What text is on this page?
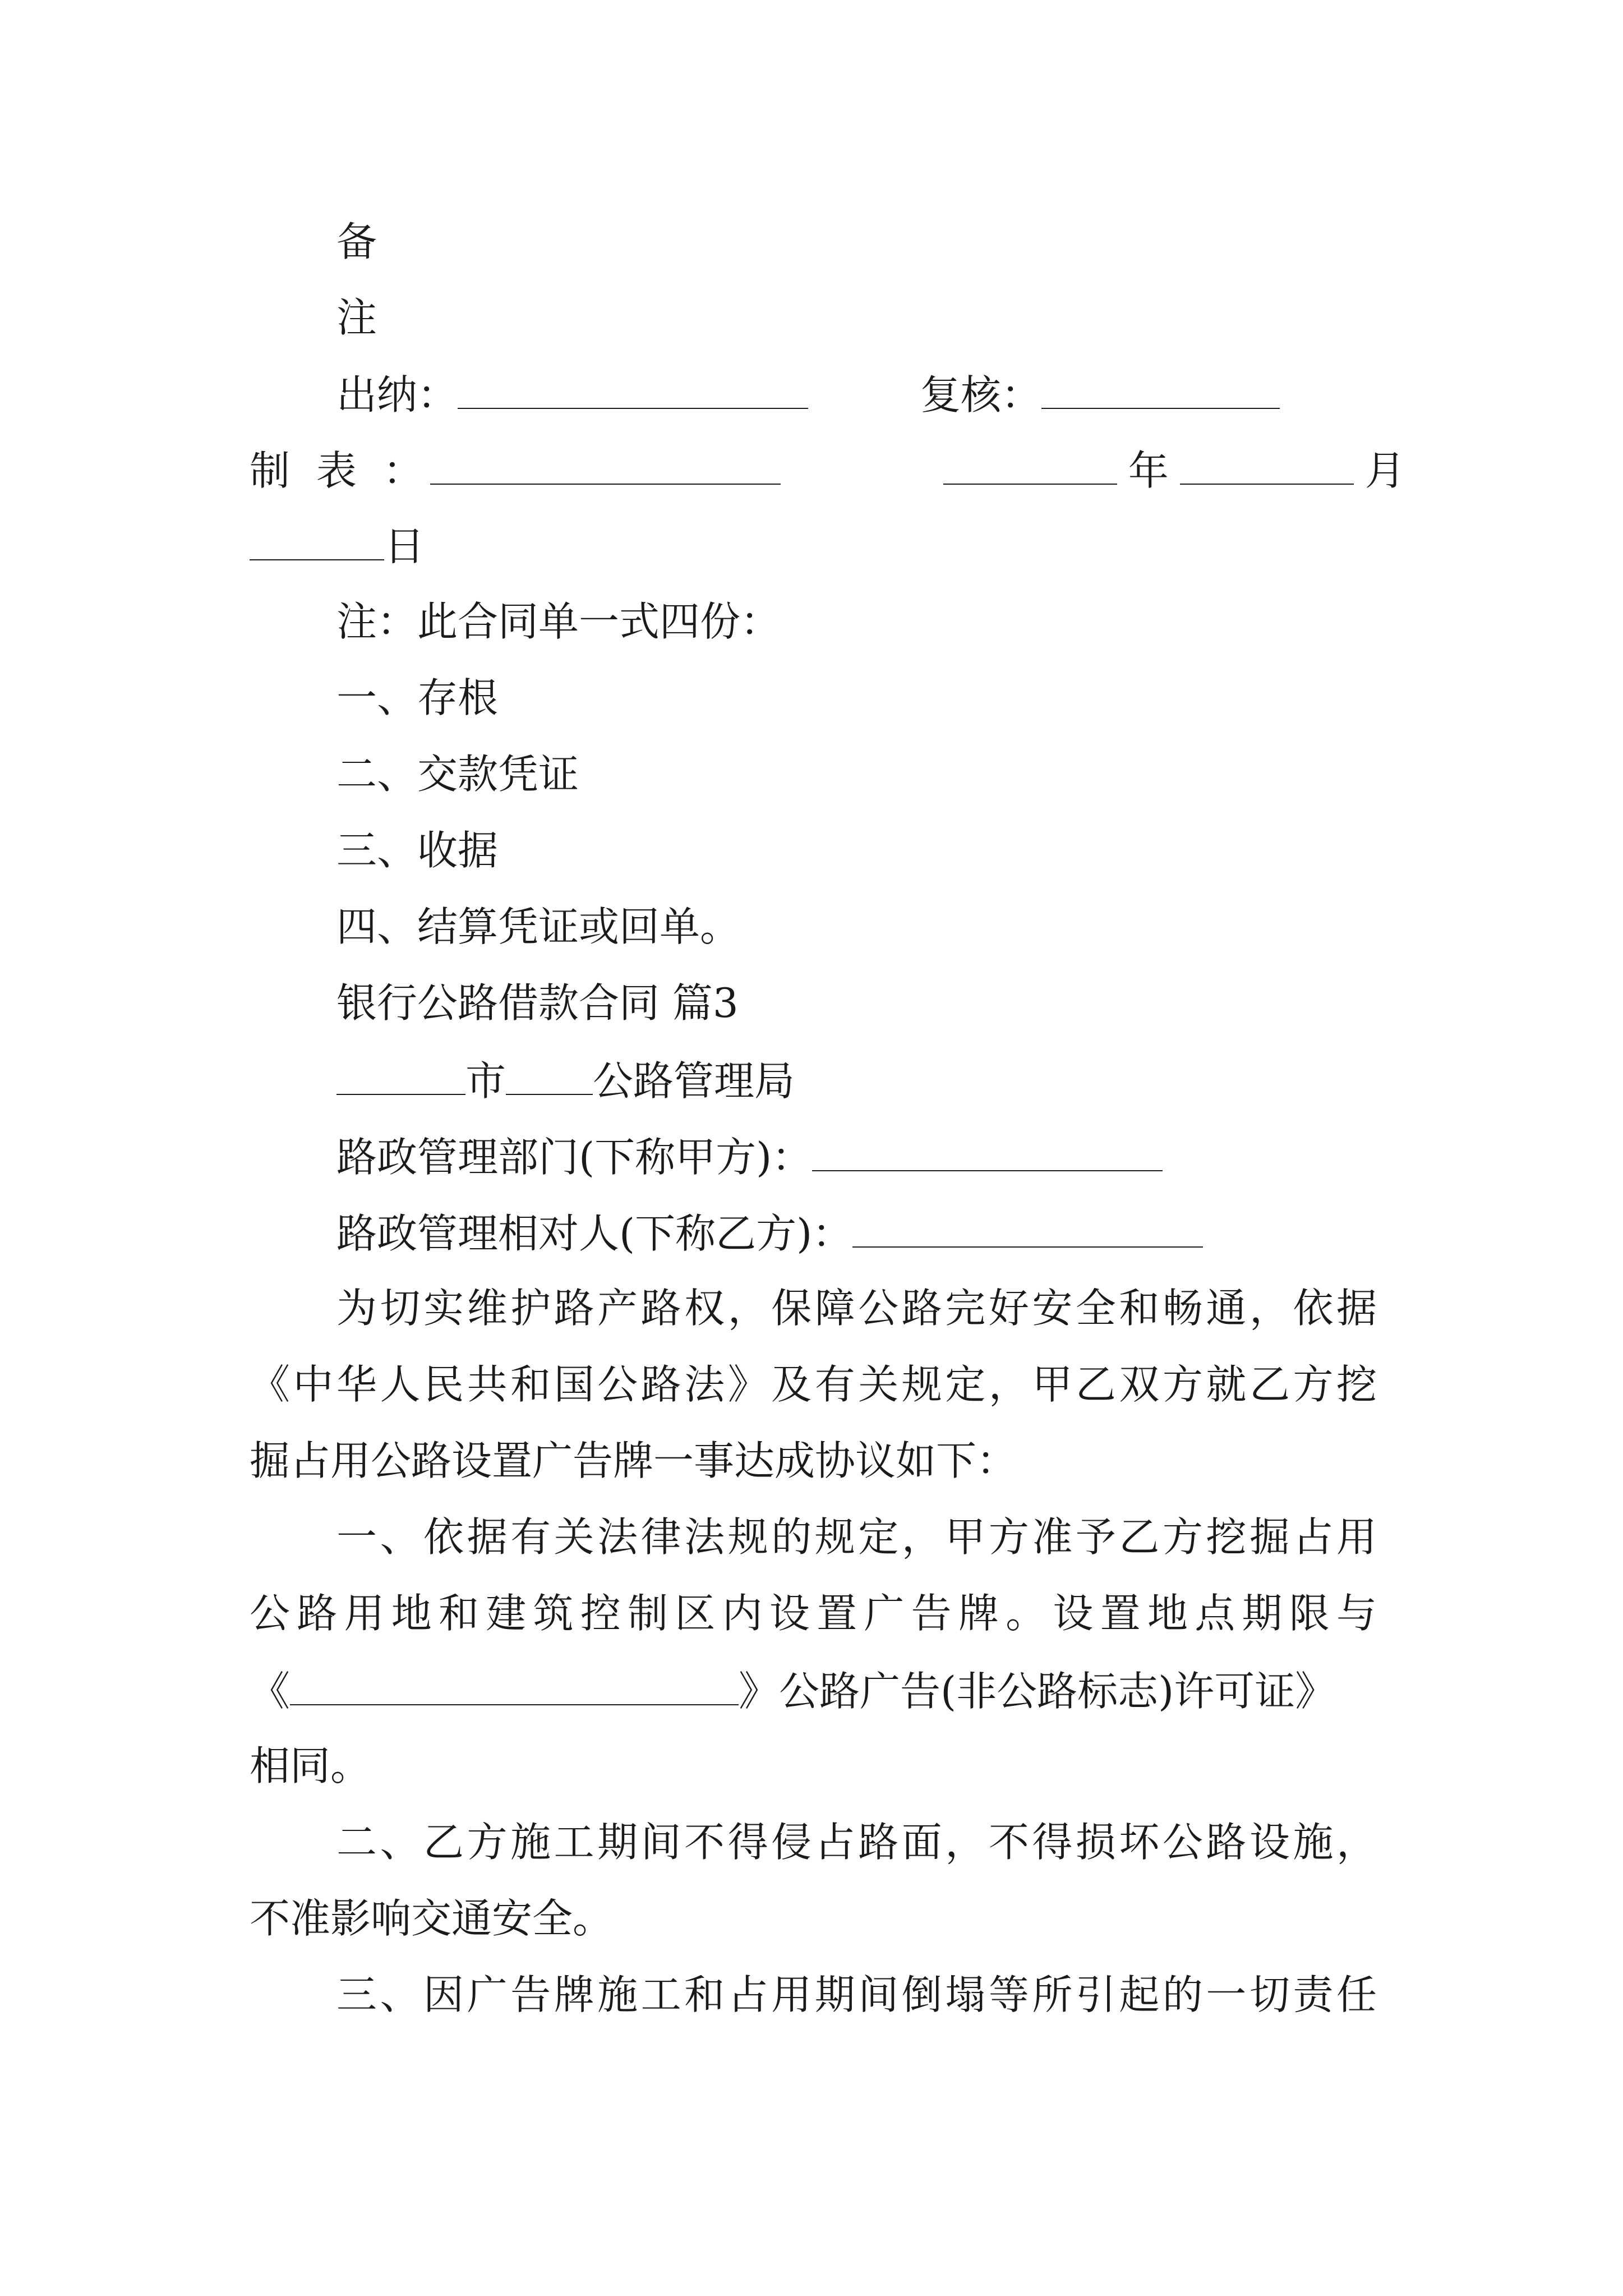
备
注
出纳：	复核：
制 表 ：	年	月
日
注：此合同单一式四份：
一、存根
二、交款凭证
三、收据
四、结算凭证或回单。
银行公路借款合同 篇3
市 公路管理局
路政管理部门(下称甲方)：
路政管理相对人(下称乙方)：
为切实维护路产路权，保障公路完好安全和畅通，依据
《中华人民共和国公路法》及有关规定，甲乙双方就乙方挖
掘占用公路设置广告牌一事达成协议如下：
一、依据有关法律法规的规定，甲方准予乙方挖掘占用
公路用地和建筑控制区内设置广告牌。设置地点期限与
《	》公路广告(非公路标志)许可证》
相同。
二、乙方施工期间不得侵占路面，不得损坏公路设施，
不准影响交通安全。
三、因广告牌施工和占用期间倒塌等所引起的一切责任
